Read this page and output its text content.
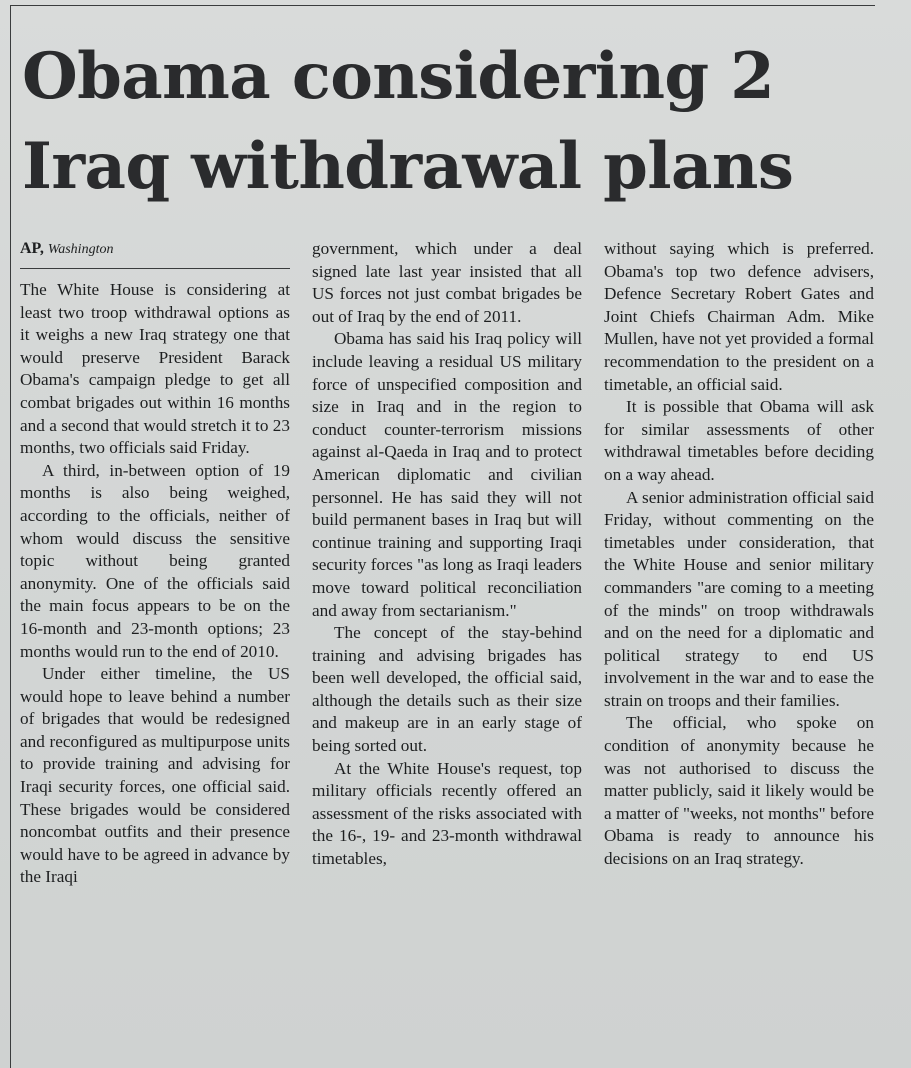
Obama considering 2
Iraq withdrawal plans
AP, Washington

The White House is considering at least two troop withdrawal options as it weighs a new Iraq strategy one that would preserve President Barack Obama's campaign pledge to get all combat brigades out within 16 months and a second that would stretch it to 23 months, two officials said Friday.

A third, in-between option of 19 months is also being weighed, according to the officials, neither of whom would discuss the sensitive topic without being granted anonymity. One of the officials said the main focus appears to be on the 16-month and 23-month options; 23 months would run to the end of 2010.

Under either timeline, the US would hope to leave behind a number of brigades that would be redesigned and reconfigured as multipurpose units to provide training and advising for Iraqi security forces, one official said. These brigades would be considered noncombat outfits and their presence would have to be agreed in advance by the Iraqi

government, which under a deal signed late last year insisted that all US forces not just combat brigades be out of Iraq by the end of 2011.

Obama has said his Iraq policy will include leaving a residual US military force of unspecified composition and size in Iraq and in the region to conduct counter-terrorism missions against al-Qaeda in Iraq and to protect American diplomatic and civilian personnel. He has said they will not build permanent bases in Iraq but will continue training and supporting Iraqi security forces "as long as Iraqi leaders move toward political reconciliation and away from sectarianism."

The concept of the stay-behind training and advising brigades has been well developed, the official said, although the details such as their size and makeup are in an early stage of being sorted out.

At the White House's request, top military officials recently offered an assessment of the risks associated with the 16-, 19- and 23-month withdrawal timetables,

without saying which is preferred. Obama's top two defence advisers, Defence Secretary Robert Gates and Joint Chiefs Chairman Adm. Mike Mullen, have not yet provided a formal recommendation to the president on a timetable, an official said.

It is possible that Obama will ask for similar assessments of other withdrawal timetables before deciding on a way ahead.

A senior administration official said Friday, without commenting on the timetables under consideration, that the White House and senior military commanders "are coming to a meeting of the minds" on troop withdrawals and on the need for a diplomatic and political strategy to end US involvement in the war and to ease the strain on troops and their families.

The official, who spoke on condition of anonymity because he was not authorised to discuss the matter publicly, said it likely would be a matter of "weeks, not months" before Obama is ready to announce his decisions on an Iraq strategy.
